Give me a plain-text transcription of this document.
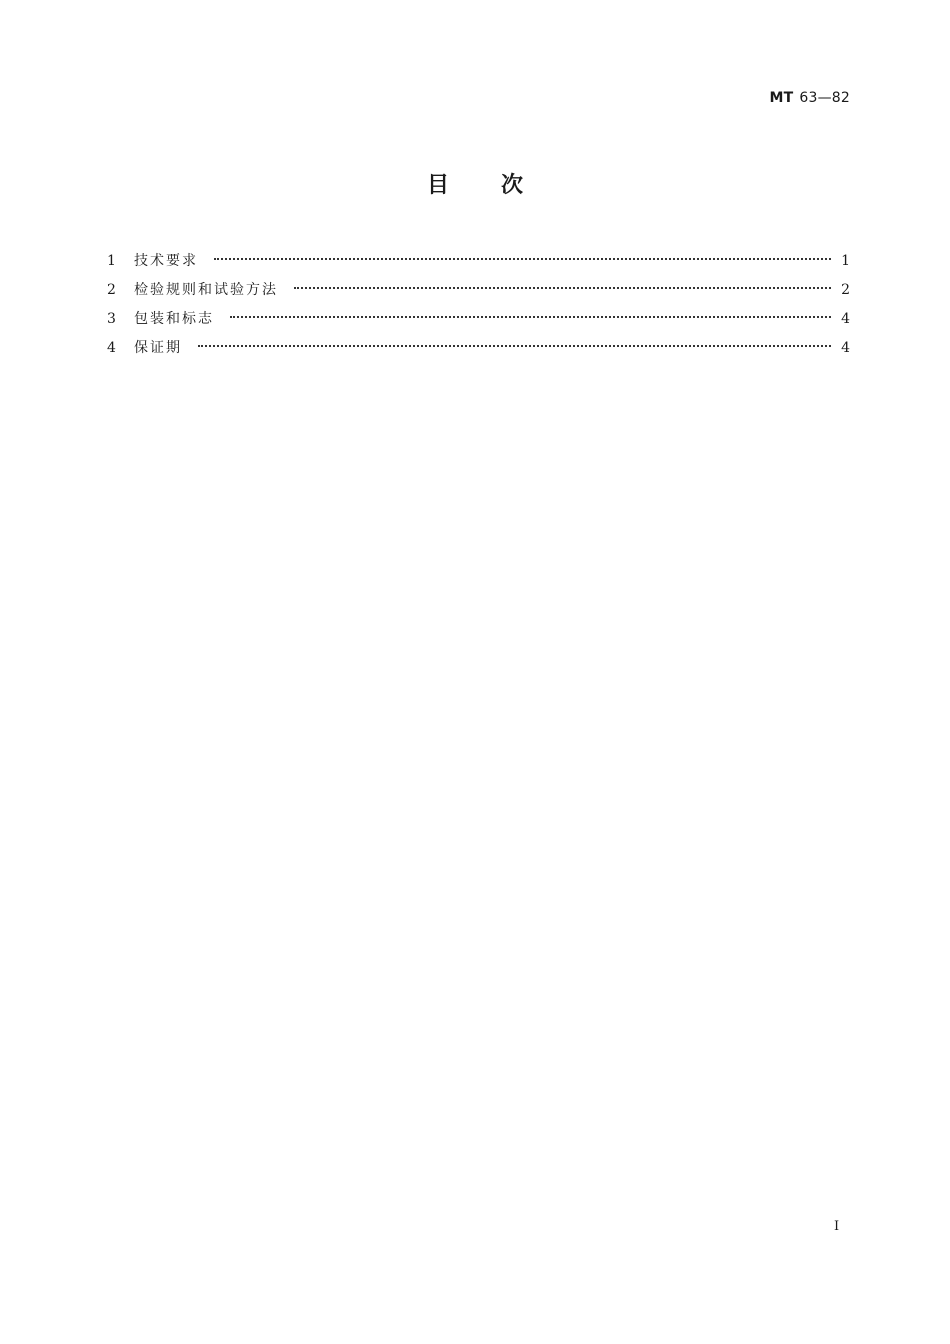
MT 63—82
目次
1	技术要求	1
2	检验规则和试验方法	2
3	包装和标志	4
4	保证期	4
I
